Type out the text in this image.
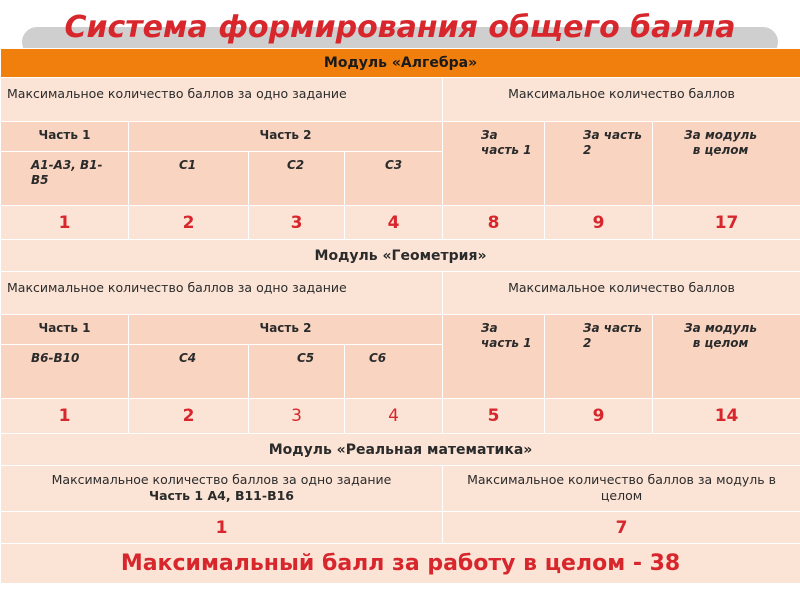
Система формирования общего балла
Модуль «Алгебра»						
Максимальное количество баллов за одно задание				Максимальное количество баллов		
Часть 1	Часть 2			За часть 1	За часть 2	За модуль в целом
А1-А3, В1-В5	С1	С2	С3			
1	2	3	4	8	9	17
Модуль «Геометрия»						
Максимальное количество баллов за одно задание				Максимальное количество баллов		
Часть 1	Часть 2			За часть 1	За часть 2	За модуль в целом
В6-В10	С4	С5	С6			
1	2	3	4	5	9	14
Модуль «Реальная математика»						

Максимальное количество баллов за одно задание
Часть 1 А4, В11-В16				Максимальное количество баллов за модуль в целом		
1				7		
Максимальный балл за работу в целом - 38						
